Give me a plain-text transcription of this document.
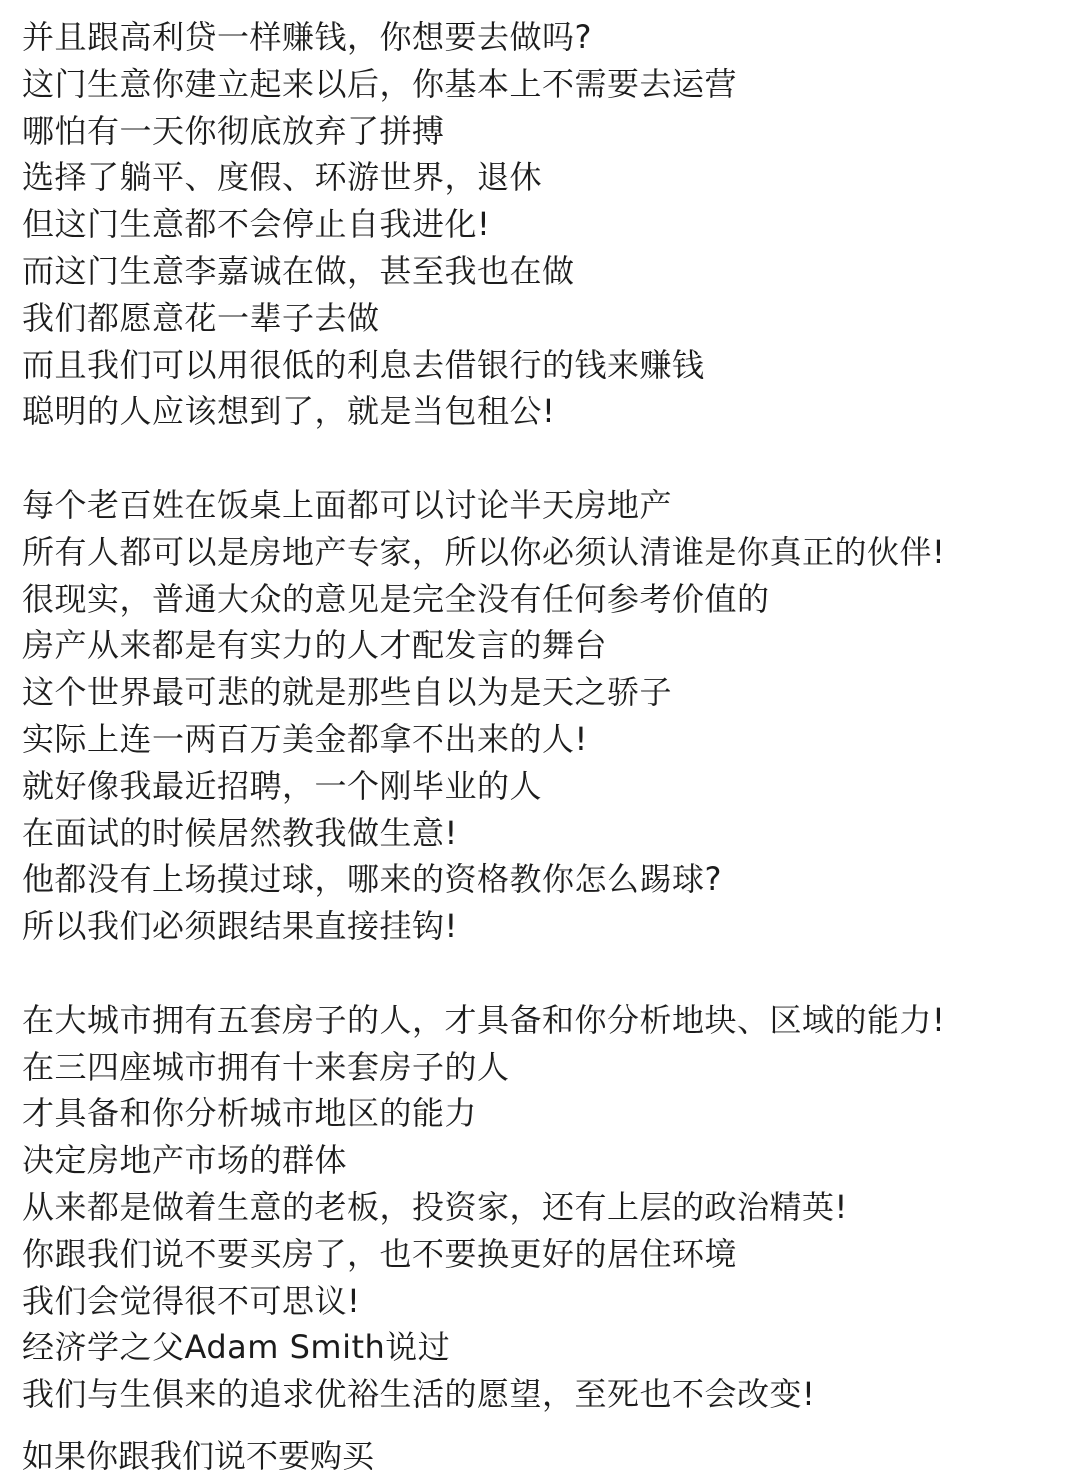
并且跟高利贷一样赚钱，你想要去做吗?
这门生意你建立起来以后，你基本上不需要去运营
哪怕有一天你彻底放弃了拼搏
选择了躺平、度假、环游世界，退休
但这门生意都不会停止自我进化!
而这门生意李嘉诚在做，甚至我也在做
我们都愿意花一辈子去做
而且我们可以用很低的利息去借银行的钱来赚钱
聪明的人应该想到了，就是当包租公!
每个老百姓在饭桌上面都可以讨论半天房地产
所有人都可以是房地产专家，所以你必须认清谁是你真正的伙伴!
很现实，普通大众的意见是完全没有任何参考价值的
房产从来都是有实力的人才配发言的舞台
这个世界最可悲的就是那些自以为是天之骄子
实际上连一两百万美金都拿不出来的人!
就好像我最近招聘，一个刚毕业的人
在面试的时候居然教我做生意!
他都没有上场摸过球，哪来的资格教你怎么踢球?
所以我们必须跟结果直接挂钩!
在大城市拥有五套房子的人，才具备和你分析地块、区域的能力!
在三四座城市拥有十来套房子的人
才具备和你分析城市地区的能力
决定房地产市场的群体
从来都是做着生意的老板，投资家，还有上层的政治精英!
你跟我们说不要买房了，也不要换更好的居住环境
我们会觉得很不可思议!
经济学之父Adam Smith说过
我们与生俱来的追求优裕生活的愿望，至死也不会改变!
如果你跟我们说不要购买
